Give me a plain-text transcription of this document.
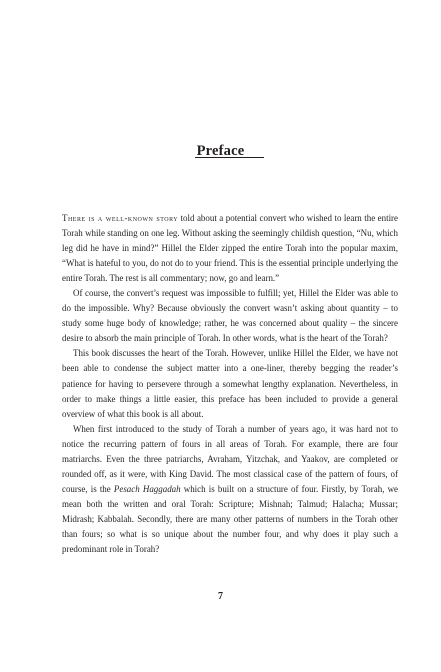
Preface

There is a well-known story told about a potential convert who wished to learn the entire Torah while standing on one leg. Without asking the seemingly childish question, “Nu, which leg did he have in mind?” Hillel the Elder zipped the entire Torah into the popular maxim, “What is hateful to you, do not do to your friend. This is the essential principle underlying the entire Torah. The rest is all commentary; now, go and learn.”

Of course, the convert’s request was impossible to fulfill; yet, Hillel the Elder was able to do the impossible. Why? Because obviously the convert wasn’t asking about quantity – to study some huge body of knowledge; rather, he was concerned about quality – the sincere desire to absorb the main principle of Torah. In other words, what is the heart of the Torah?

This book discusses the heart of the Torah. However, unlike Hillel the Elder, we have not been able to condense the subject matter into a one-liner, thereby begging the reader’s patience for having to persevere through a somewhat lengthy explanation. Nevertheless, in order to make things a little easier, this preface has been included to provide a general overview of what this book is all about.

When first introduced to the study of Torah a number of years ago, it was hard not to notice the recurring pattern of fours in all areas of Torah. For example, there are four matriarchs. Even the three patriarchs, Avraham, Yitzchak, and Yaakov, are completed or rounded off, as it were, with King David. The most classical case of the pattern of fours, of course, is the Pesach Haggadah which is built on a structure of four. Firstly, by Torah, we mean both the written and oral Torah: Scripture; Mishnah; Talmud; Halacha; Mussar; Midrash; Kabbalah. Secondly, there are many other patterns of numbers in the Torah other than fours; so what is so unique about the number four, and why does it play such a predominant role in Torah?

7
